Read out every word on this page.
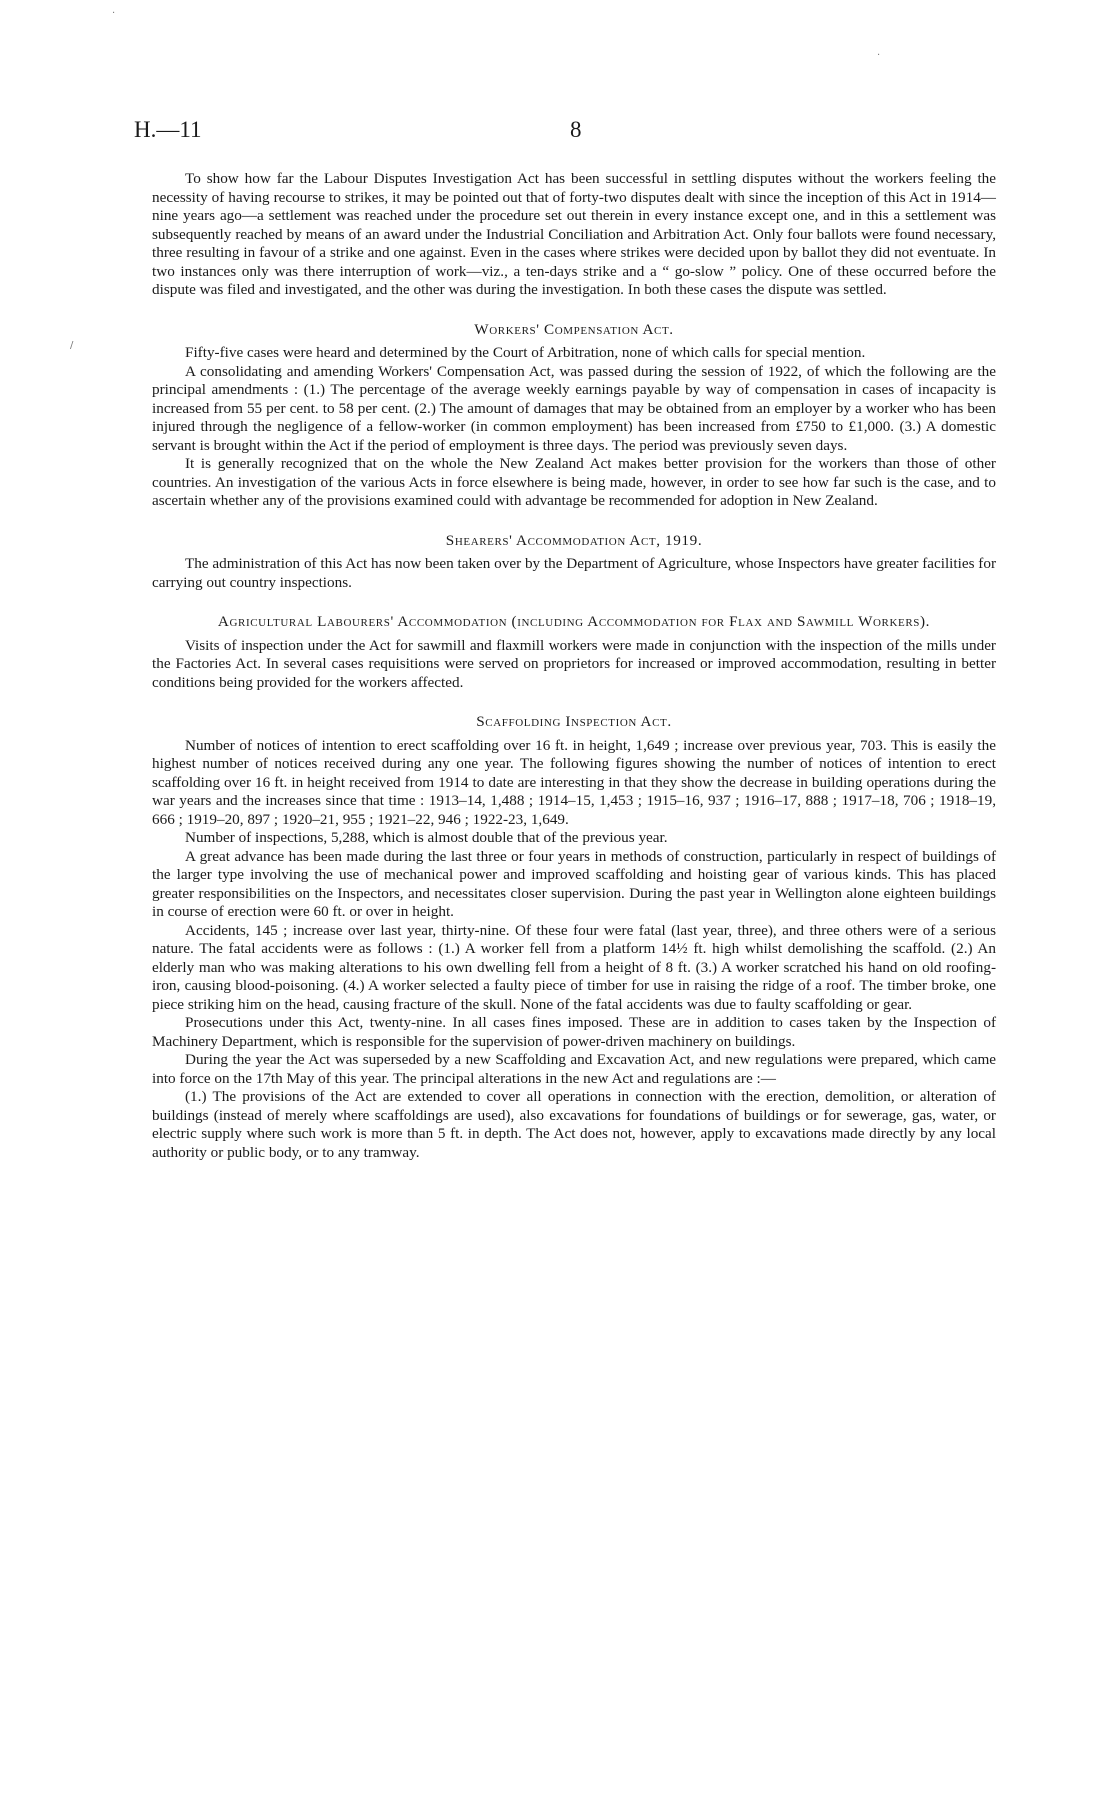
·
·
/
H.—11	8

To show how far the Labour Disputes Investigation Act has been successful in settling disputes without the workers feeling the necessity of having recourse to strikes, it may be pointed out that of forty-two disputes dealt with since the inception of this Act in 1914—nine years ago—a settlement was reached under the procedure set out therein in every instance except one, and in this a settlement was subsequently reached by means of an award under the Industrial Conciliation and Arbitration Act. Only four ballots were found necessary, three resulting in favour of a strike and one against. Even in the cases where strikes were decided upon by ballot they did not eventuate. In two instances only was there interruption of work—viz., a ten-days strike and a “ go-slow ” policy. One of these occurred before the dispute was filed and investigated, and the other was during the investigation. In both these cases the dispute was settled.

Workers' Compensation Act.

Fifty-five cases were heard and determined by the Court of Arbitration, none of which calls for special mention.

A consolidating and amending Workers' Compensation Act, was passed during the session of 1922, of which the following are the principal amendments : (1.) The percentage of the average weekly earnings payable by way of compensation in cases of incapacity is increased from 55 per cent. to 58 per cent. (2.) The amount of damages that may be obtained from an employer by a worker who has been injured through the negligence of a fellow-worker (in common employment) has been increased from £750 to £1,000. (3.) A domestic servant is brought within the Act if the period of employment is three days. The period was previously seven days.

It is generally recognized that on the whole the New Zealand Act makes better provision for the workers than those of other countries. An investigation of the various Acts in force elsewhere is being made, however, in order to see how far such is the case, and to ascertain whether any of the provisions examined could with advantage be recommended for adoption in New Zealand.

Shearers' Accommodation Act, 1919.

The administration of this Act has now been taken over by the Department of Agriculture, whose Inspectors have greater facilities for carrying out country inspections.

Agricultural Labourers' Accommodation (including Accommodation for Flax and Sawmill Workers).

Visits of inspection under the Act for sawmill and flaxmill workers were made in conjunction with the inspection of the mills under the Factories Act. In several cases requisitions were served on proprietors for increased or improved accommodation, resulting in better conditions being provided for the workers affected.

Scaffolding Inspection Act.

Number of notices of intention to erect scaffolding over 16 ft. in height, 1,649 ; increase over previous year, 703. This is easily the highest number of notices received during any one year. The following figures showing the number of notices of intention to erect scaffolding over 16 ft. in height received from 1914 to date are interesting in that they show the decrease in building operations during the war years and the increases since that time : 1913–14, 1,488 ; 1914–15, 1,453 ; 1915–16, 937 ; 1916–17, 888 ; 1917–18, 706 ; 1918–19, 666 ; 1919–20, 897 ; 1920–21, 955 ; 1921–22, 946 ; 1922-23, 1,649.

Number of inspections, 5,288, which is almost double that of the previous year.

A great advance has been made during the last three or four years in methods of construction, particularly in respect of buildings of the larger type involving the use of mechanical power and improved scaffolding and hoisting gear of various kinds. This has placed greater responsibilities on the Inspectors, and necessitates closer supervision. During the past year in Wellington alone eighteen buildings in course of erection were 60 ft. or over in height.

Accidents, 145 ; increase over last year, thirty-nine. Of these four were fatal (last year, three), and three others were of a serious nature. The fatal accidents were as follows : (1.) A worker fell from a platform 14½ ft. high whilst demolishing the scaffold. (2.) An elderly man who was making alterations to his own dwelling fell from a height of 8 ft. (3.) A worker scratched his hand on old roofing-iron, causing blood-poisoning. (4.) A worker selected a faulty piece of timber for use in raising the ridge of a roof. The timber broke, one piece striking him on the head, causing fracture of the skull. None of the fatal accidents was due to faulty scaffolding or gear.

Prosecutions under this Act, twenty-nine. In all cases fines imposed. These are in addition to cases taken by the Inspection of Machinery Department, which is responsible for the supervision of power-driven machinery on buildings.

During the year the Act was superseded by a new Scaffolding and Excavation Act, and new regulations were prepared, which came into force on the 17th May of this year. The principal alterations in the new Act and regulations are :—

(1.) The provisions of the Act are extended to cover all operations in connection with the erection, demolition, or alteration of buildings (instead of merely where scaffoldings are used), also excavations for foundations of buildings or for sewerage, gas, water, or electric supply where such work is more than 5 ft. in depth. The Act does not, however, apply to excavations made directly by any local authority or public body, or to any tramway.
